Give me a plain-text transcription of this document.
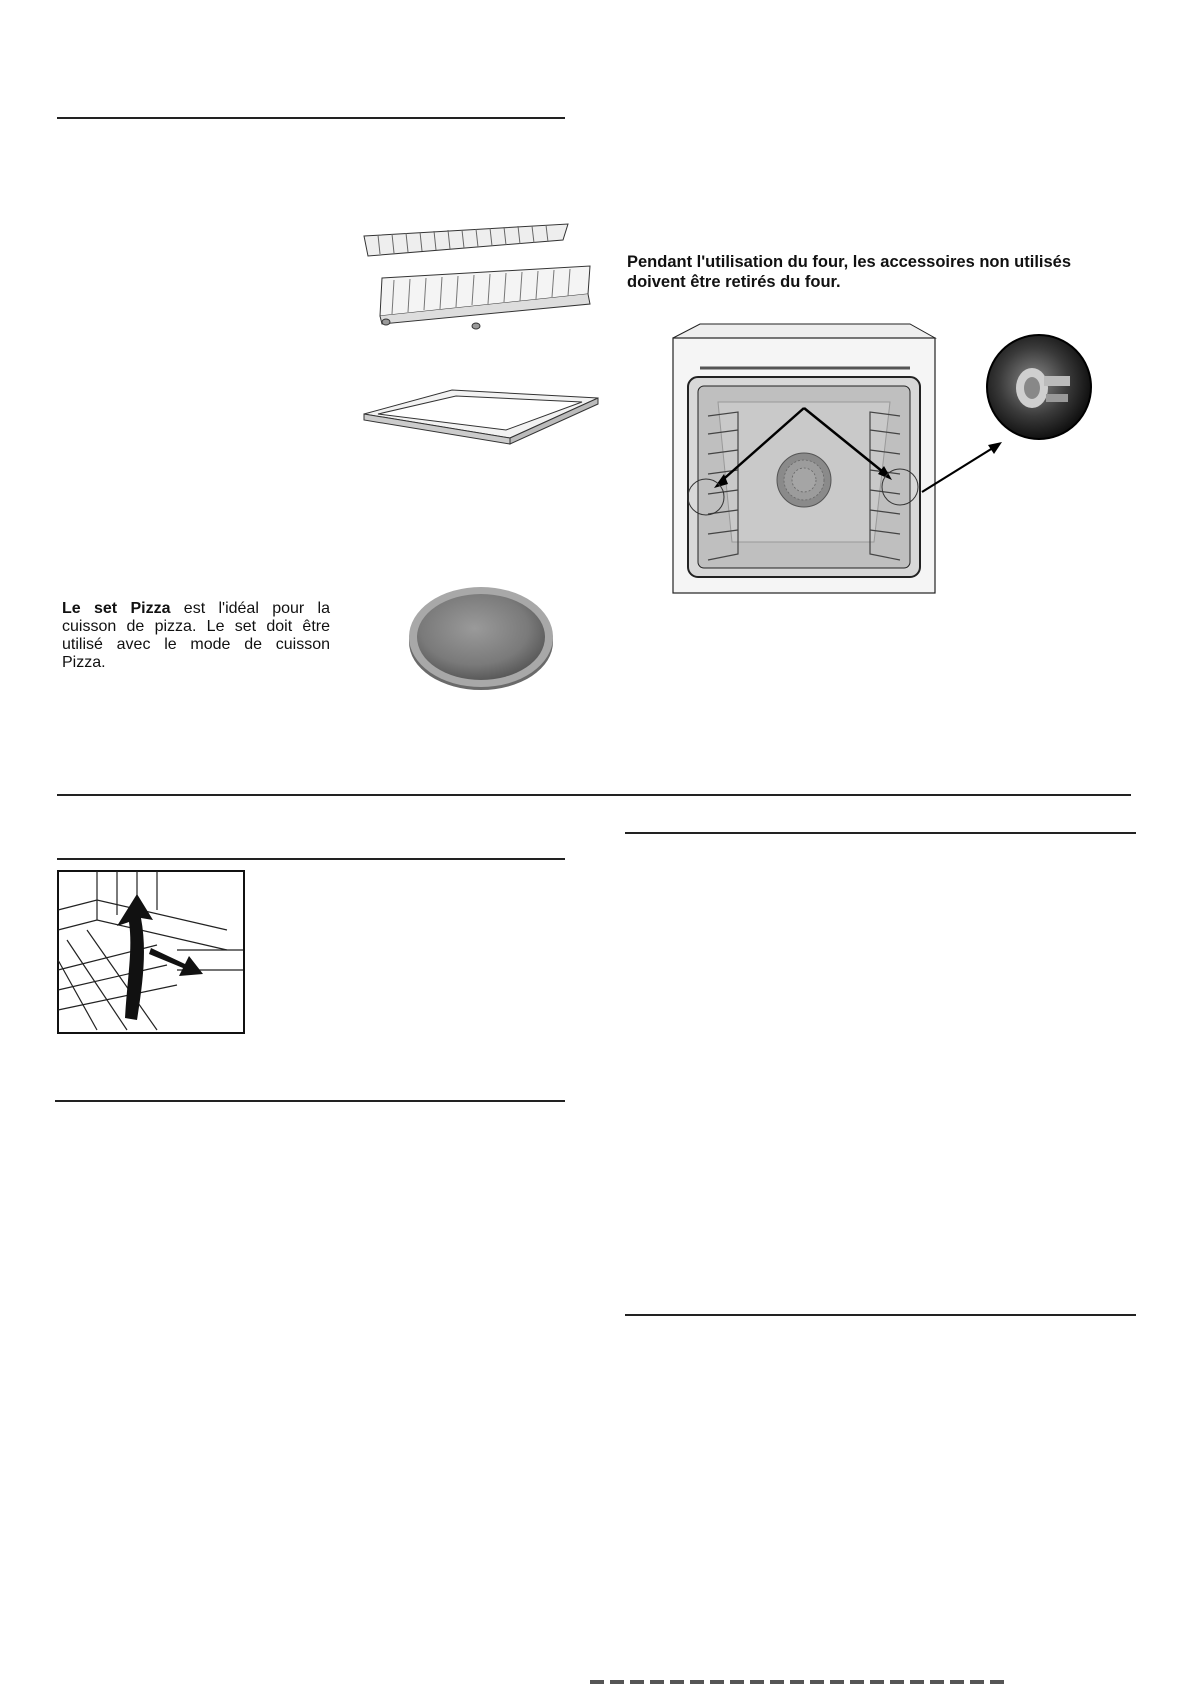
Le set Pizza est l'idéal pour la cuisson de pizza. Le set doit être utilisé avec le mode de cuisson Pizza.
Pendant l'utilisation du four, les accessoires non utilisés doivent être retirés du four.
